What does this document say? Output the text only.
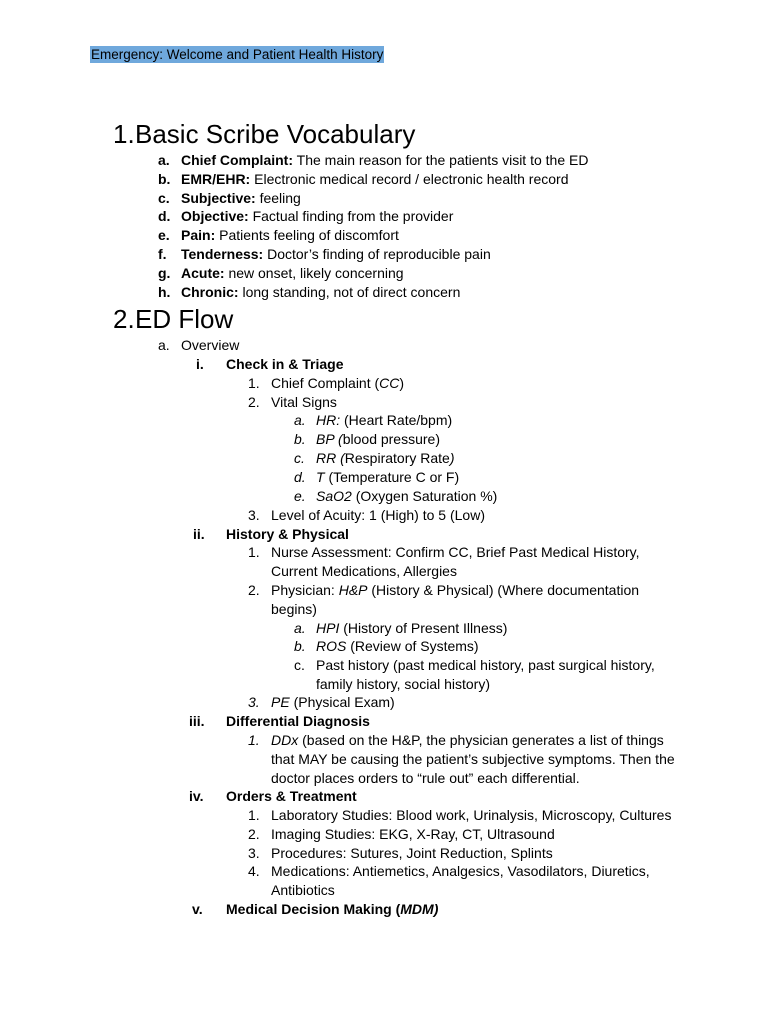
Emergency: Welcome and Patient Health History
1. Basic Scribe Vocabulary
a. Chief Complaint: The main reason for the patients visit to the ED
b. EMR/EHR: Electronic medical record / electronic health record
c. Subjective: feeling
d. Objective: Factual finding from the provider
e. Pain: Patients feeling of discomfort
f. Tenderness: Doctor’s finding of reproducible pain
g. Acute: new onset, likely concerning
h. Chronic: long standing, not of direct concern
2. ED Flow
a. Overview
i. Check in & Triage
1. Chief Complaint (CC)
2. Vital Signs
a. HR: (Heart Rate/bpm)
b. BP (blood pressure)
c. RR (Respiratory Rate)
d. T (Temperature C or F)
e. SaO2 (Oxygen Saturation %)
3. Level of Acuity: 1 (High) to 5 (Low)
ii. History & Physical
1. Nurse Assessment: Confirm CC, Brief Past Medical History,
Current Medications, Allergies
2. Physician: H&P (History & Physical) (Where documentation
begins)
a. HPI (History of Present Illness)
b. ROS (Review of Systems)
c. Past history (past medical history, past surgical history,
family history, social history)
3. PE (Physical Exam)
iii. Differential Diagnosis
1. DDx (based on the H&P, the physician generates a list of things
that MAY be causing the patient’s subjective symptoms. Then the
doctor places orders to “rule out” each differential.
iv. Orders & Treatment
1. Laboratory Studies: Blood work, Urinalysis, Microscopy, Cultures
2. Imaging Studies: EKG, X-Ray, CT, Ultrasound
3. Procedures: Sutures, Joint Reduction, Splints
4. Medications: Antiemetics, Analgesics, Vasodilators, Diuretics,
Antibiotics
v. Medical Decision Making (MDM)
